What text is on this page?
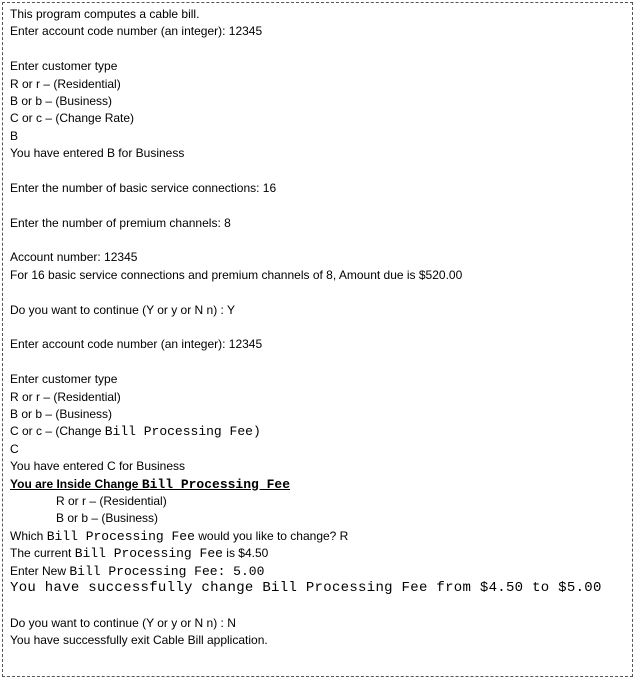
This program computes a cable bill.
Enter account code number (an integer): 12345
Enter customer type
R or r – (Residential)
B or b – (Business)
C or c – (Change Rate)
B
You have entered B for Business
Enter the number of basic service connections: 16
Enter the number of premium channels: 8
Account number: 12345
For 16 basic service connections and premium channels of 8, Amount due is $520.00
Do you want to continue (Y or y or N n) : Y
Enter account code number (an integer): 12345
Enter customer type
R or r – (Residential)
B or b – (Business)
C or c – (Change Bill Processing Fee)
C
You have entered C for Business
You are Inside Change Bill Processing Fee
R or r – (Residential)
B or b – (Business)
Which Bill Processing Fee would you like to change? R
The current Bill Processing Fee is $4.50
Enter New Bill Processing Fee: 5.00
You have successfully change Bill Processing Fee from $4.50 to $5.00
Do you want to continue (Y or y or N n) : N
You have successfully exit Cable Bill application.
